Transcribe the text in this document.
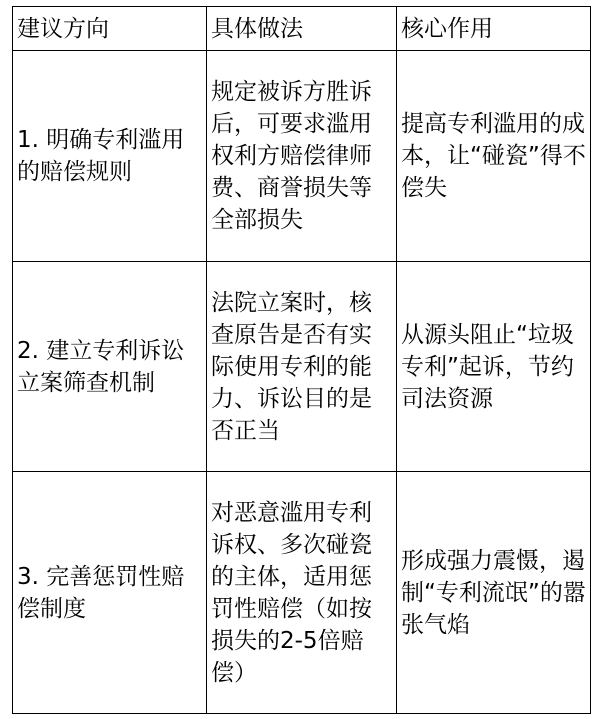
建议方向	具体做法	核心作用
1. 明确专利滥用的赔偿规则	规定被诉方胜诉后，可要求滥用权利方赔偿律师费、商誉损失等全部损失	提高专利滥用的成本，让“碰瓷”得不偿失
2. 建立专利诉讼立案筛查机制	法院立案时，核查原告是否有实际使用专利的能力、诉讼目的是否正当	从源头阻止“垃圾专利”起诉，节约司法资源
3. 完善惩罚性赔偿制度	对恶意滥用专利诉权、多次碰瓷的主体，适用惩罚性赔偿（如按损失的2-5倍赔偿）	形成强力震慑，遏制“专利流氓”的嚣张气焰
